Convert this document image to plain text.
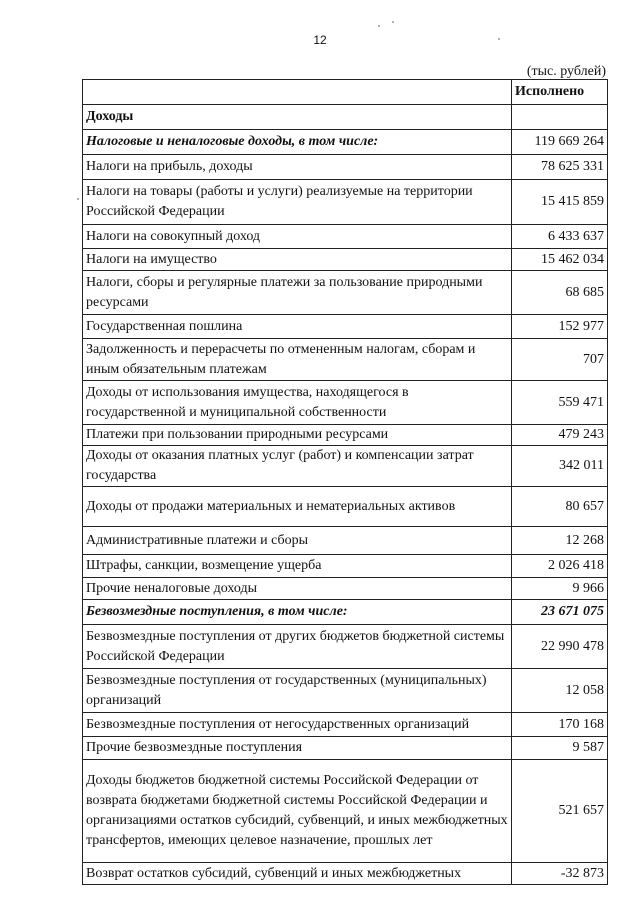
12
(тыс. рублей)
	Исполнено
Доходы	
Налоговые и неналоговые доходы, в том числе:	119 669 264
Налоги на прибыль, доходы	78 625 331
Налоги на товары (работы и услуги) реализуемые на территории Российской Федерации	15 415 859
Налоги на совокупный доход	6 433 637
Налоги на имущество	15 462 034
Налоги, сборы и регулярные платежи за пользование природными ресурсами	68 685
Государственная пошлина	152 977
Задолженность и перерасчеты по отмененным налогам, сборам и иным обязательным платежам	707
Доходы от использования имущества, находящегося в государственной и муниципальной собственности	559 471
Платежи при пользовании природными ресурсами	479 243
Доходы от оказания платных услуг (работ) и компенсации затрат государства	342 011
Доходы от продажи материальных и нематериальных активов	80 657
Административные платежи и сборы	12 268
Штрафы, санкции, возмещение ущерба	2 026 418
Прочие неналоговые доходы	9 966
Безвозмездные поступления, в том числе:	23 671 075
Безвозмездные поступления от других бюджетов бюджетной системы Российской Федерации	22 990 478
Безвозмездные поступления от государственных (муниципальных) организаций	12 058
Безвозмездные поступления от негосударственных организаций	170 168
Прочие безвозмездные поступления	9 587
Доходы бюджетов бюджетной системы Российской Федерации от возврата бюджетами бюджетной системы Российской Федерации и организациями остатков субсидий, субвенций, и иных межбюджетных трансфертов, имеющих целевое назначение, прошлых лет	521 657
Возврат остатков субсидий, субвенций и иных межбюджетных	-32 873
